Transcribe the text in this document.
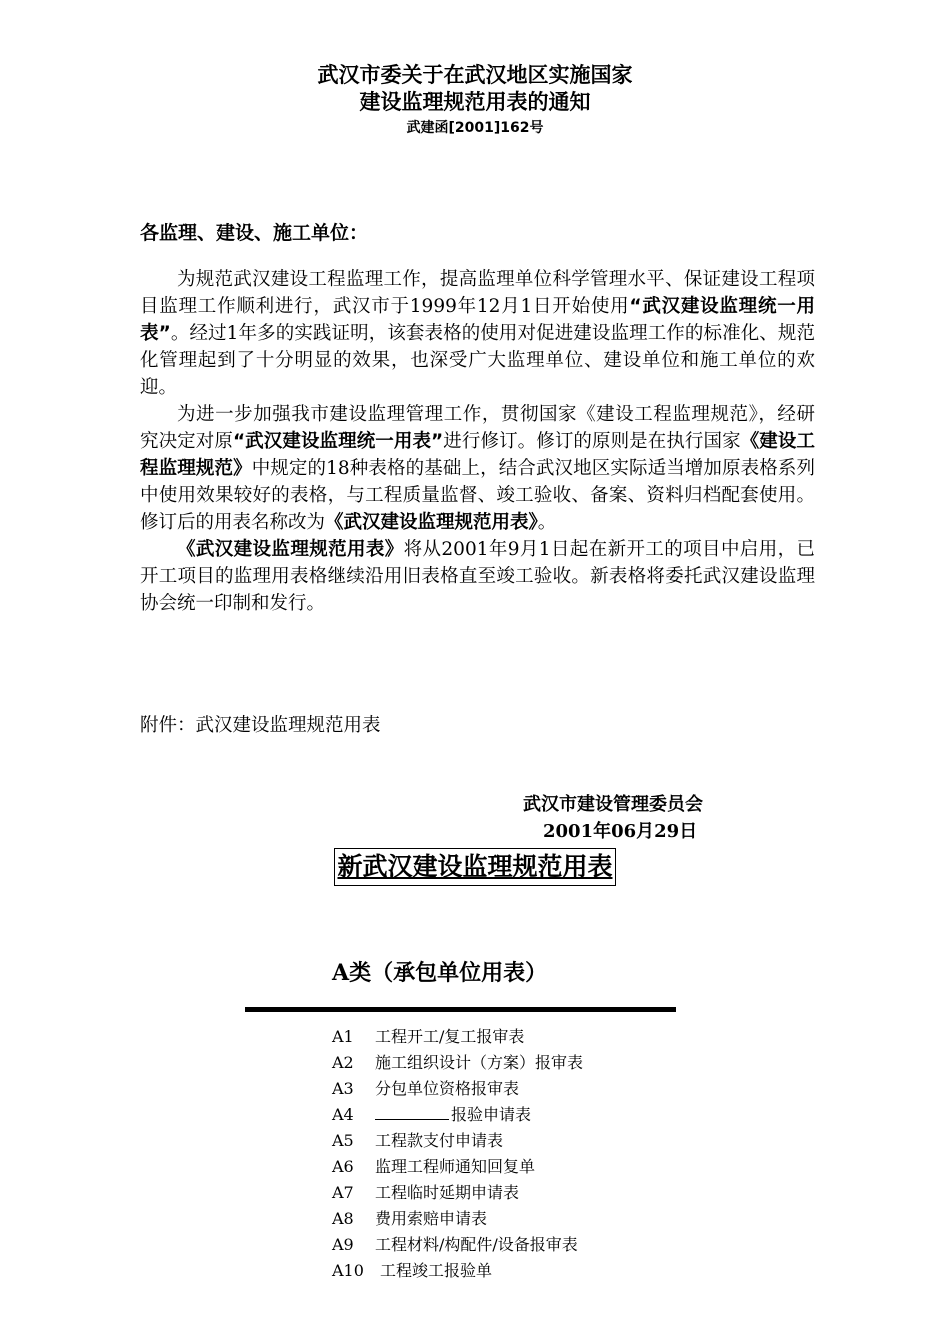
武汉市委关于在武汉地区实施国家
建设监理规范用表的通知
武建函[2001]162号
各监理、建设、施工单位：

为规范武汉建设工程监理工作，提高监理单位科学管理水平、保证建设工程项目监理工作顺利进行，武汉市于1999年12月1日开始使用“武汉建设监理统一用表”。经过1年多的实践证明，该套表格的使用对促进建设监理工作的标准化、规范化管理起到了十分明显的效果，也深受广大监理单位、建设单位和施工单位的欢迎。

为进一步加强我市建设监理管理工作，贯彻国家《建设工程监理规范》，经研究决定对原“武汉建设监理统一用表”进行修订。修订的原则是在执行国家《建设工程监理规范》中规定的18种表格的基础上，结合武汉地区实际适当增加原表格系列中使用效果较好的表格，与工程质量监督、竣工验收、备案、资料归档配套使用。修订后的用表名称改为《武汉建设监理规范用表》。

《武汉建设监理规范用表》将从2001年9月1日起在新开工的项目中启用，已开工项目的监理用表格继续沿用旧表格直至竣工验收。新表格将委托武汉建设监理协会统一印制和发行。

附件：武汉建设监理规范用表
武汉市建设管理委员会
2001年06月29日
新武汉建设监理规范用表
A类（承包单位用表）
A1 工程开工/复工报审表
A2 施工组织设计（方案）报审表
A3 分包单位资格报审表
A4	报验申请表
A5 工程款支付申请表
A6 监理工程师通知回复单
A7 工程临时延期申请表
A8 费用索赔申请表
A9 工程材料/构配件/设备报审表
A10 工程竣工报验单
